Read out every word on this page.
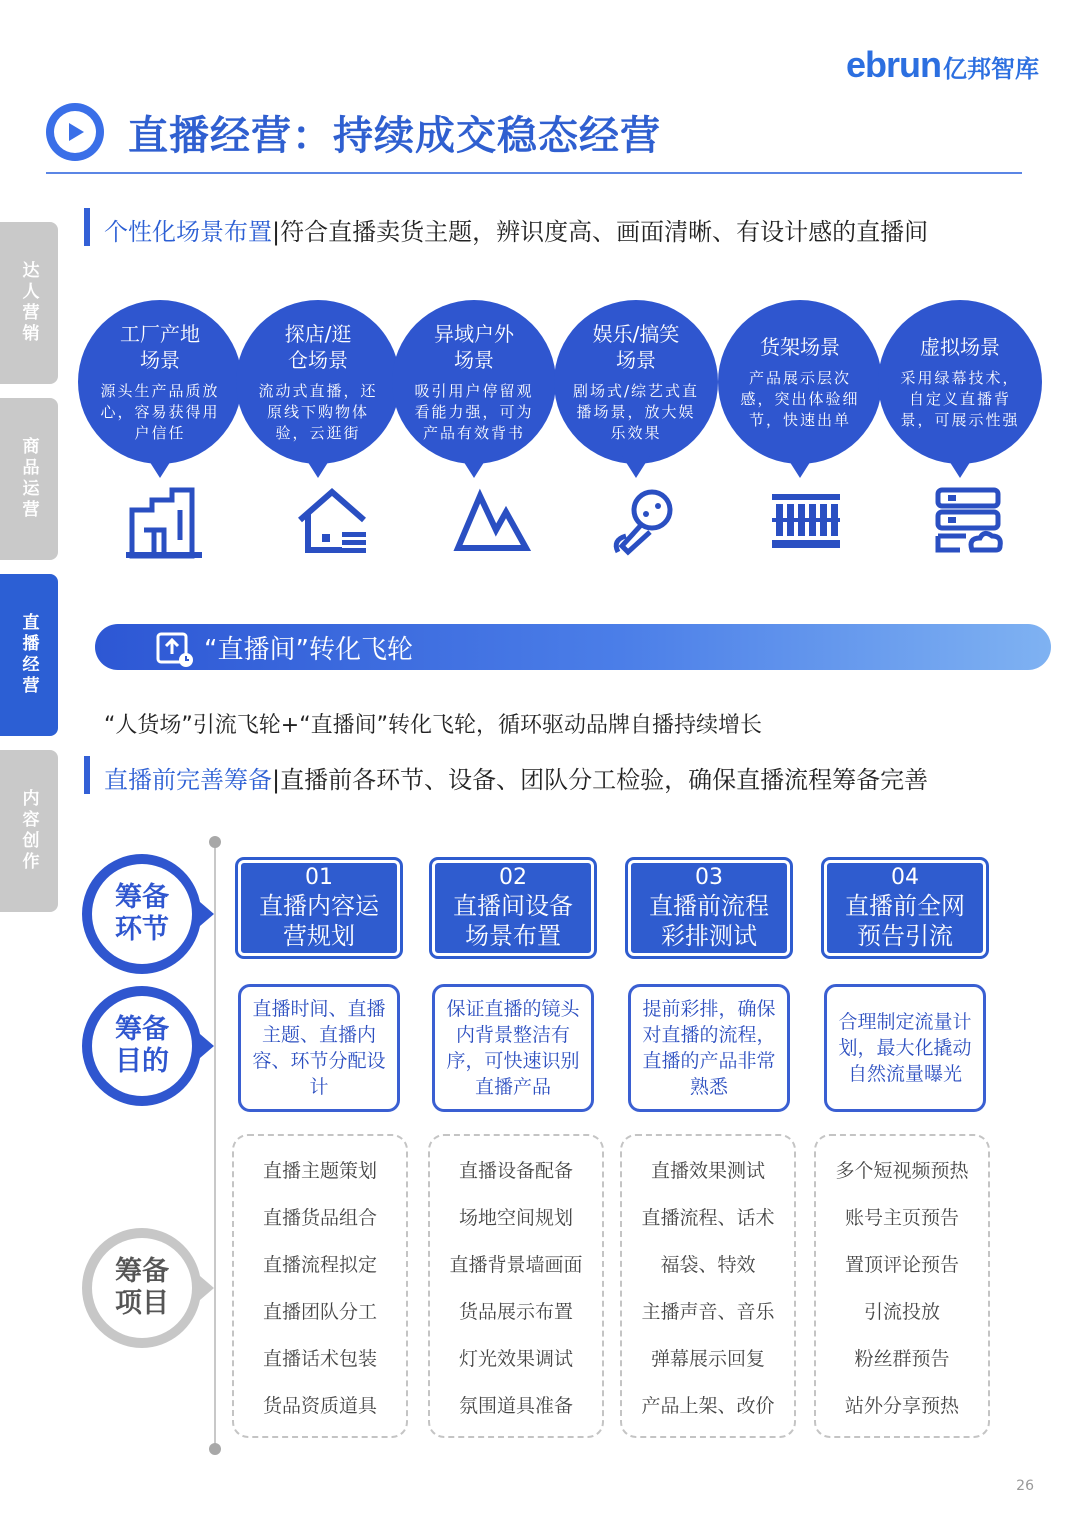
ebrun 亿邦智库
直播经营：持续成交稳态经营
达人营销
商品运营
直播经营
内容创作
个性化场景布置|符合直播卖货主题，辨识度高、画面清晰、有设计感的直播间
工厂产地
场景
源头生产品质放心，容易获得用户信任
探店/逛
仓场景
流动式直播，还原线下购物体验，云逛街
异域户外
场景
吸引用户停留观看能力强，可为产品有效背书
娱乐/搞笑
场景
剧场式/综艺式直播场景，放大娱乐效果
货架场景
产品展示层次感，突出体验细节，快速出单
虚拟场景
采用绿幕技术，自定义直播背景，可展示性强
“直播间”转化飞轮
“人货场”引流飞轮+“直播间”转化飞轮，循环驱动品牌自播持续增长
直播前完善筹备|直播前各环节、设备、团队分工检验，确保直播流程筹备完善
筹备
环节
筹备
目的
筹备
项目
01
直播内容运
营规划
02
直播间设备
场景布置
03
直播前流程
彩排测试
04
直播前全网
预告引流
直播时间、直播主题、直播内容、环节分配设计
保证直播的镜头内背景整洁有序，可快速识别直播产品
提前彩排，确保对直播的流程，直播的产品非常熟悉
合理制定流量计划，最大化撬动自然流量曝光
直播主题策划
直播货品组合
直播流程拟定
直播团队分工
直播话术包装
货品资质道具
直播设备配备
场地空间规划
直播背景墙画面
货品展示布置
灯光效果调试
氛围道具准备
直播效果测试
直播流程、话术
福袋、特效
主播声音、音乐
弹幕展示回复
产品上架、改价
多个短视频预热
账号主页预告
置顶评论预告
引流投放
粉丝群预告
站外分享预热
26
